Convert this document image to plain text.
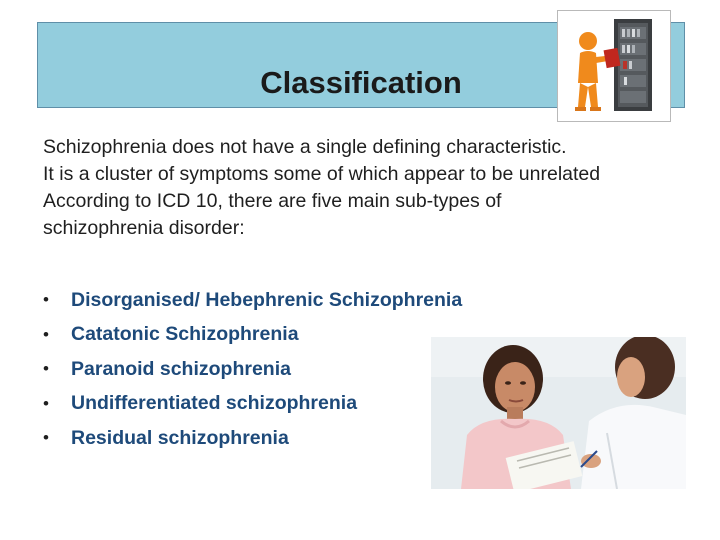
Classification
Schizophrenia does not have a single defining characteristic.
It is a cluster of symptoms some of which appear to be unrelated
According to ICD 10, there are five main sub-types of
schizophrenia disorder:
•	Disorganised/ Hebephrenic Schizophrenia
•	Catatonic Schizophrenia
•	Paranoid schizophrenia
•	Undifferentiated schizophrenia
•	Residual schizophrenia
